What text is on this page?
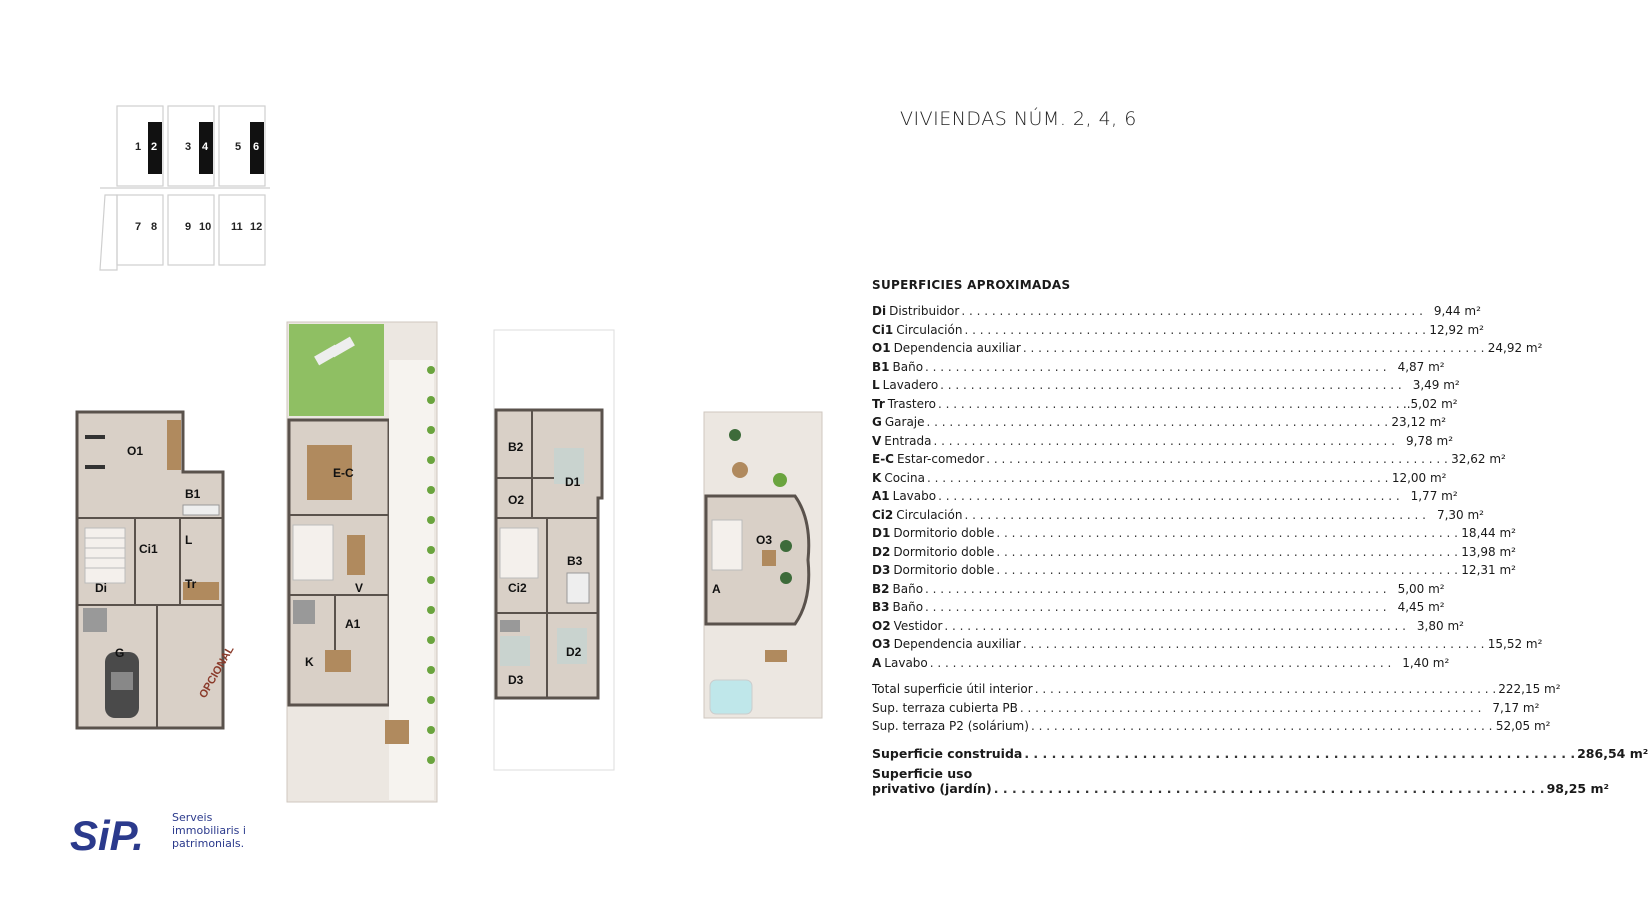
VIVIENDAS NÚM. 2, 4, 6
1 2	3 4 5 6
7 8	9 10 11 12
O1
B1
Ci1
L
Di	Tr
G	OPCIONAL
E-C
V
A1
K
B2
D1
O2
B3
Ci2
D2
D3
O3
A
SUPERFICIES APROXIMADAS
Di Distribuidor . . .	9,44 m²
Ci1 Circulación . . .	12,92 m²
O1 Dependencia auxiliar . . .	24,92 m²
B1 Baño . . .	4,87 m²
L Lavadero . . .	3,49 m²
Tr Trastero . . .	..5,02 m²
G Garaje . . .	23,12 m²
V Entrada . . .	9,78 m²
E-C Estar-comedor . . .	32,62 m²
K Cocina . . .	12,00 m²
A1 Lavabo . . .	1,77 m²
Ci2 Circulación . . .	7,30 m²
D1 Dormitorio doble . . .	18,44 m²
D2 Dormitorio doble . . .	13,98 m²
D3 Dormitorio doble . . .	12,31 m²
B2 Baño . . .	5,00 m²
B3 Baño . . .	4,45 m²
O2 Vestidor . . .	3,80 m²
O3 Dependencia auxiliar . . .	15,52 m²
A Lavabo . . .	1,40 m²
Total superficie útil interior . . .	222,15 m²
Sup. terraza cubierta PB . . .	7,17 m²
Sup. terraza P2 (solárium) . . .	52,05 m²
Superficie construida . . .	286,54 m²
Superficie uso
privativo (jardín) . . .	98,25 m²
SiP.	Serveis
immobiliaris i
patrimonials.
